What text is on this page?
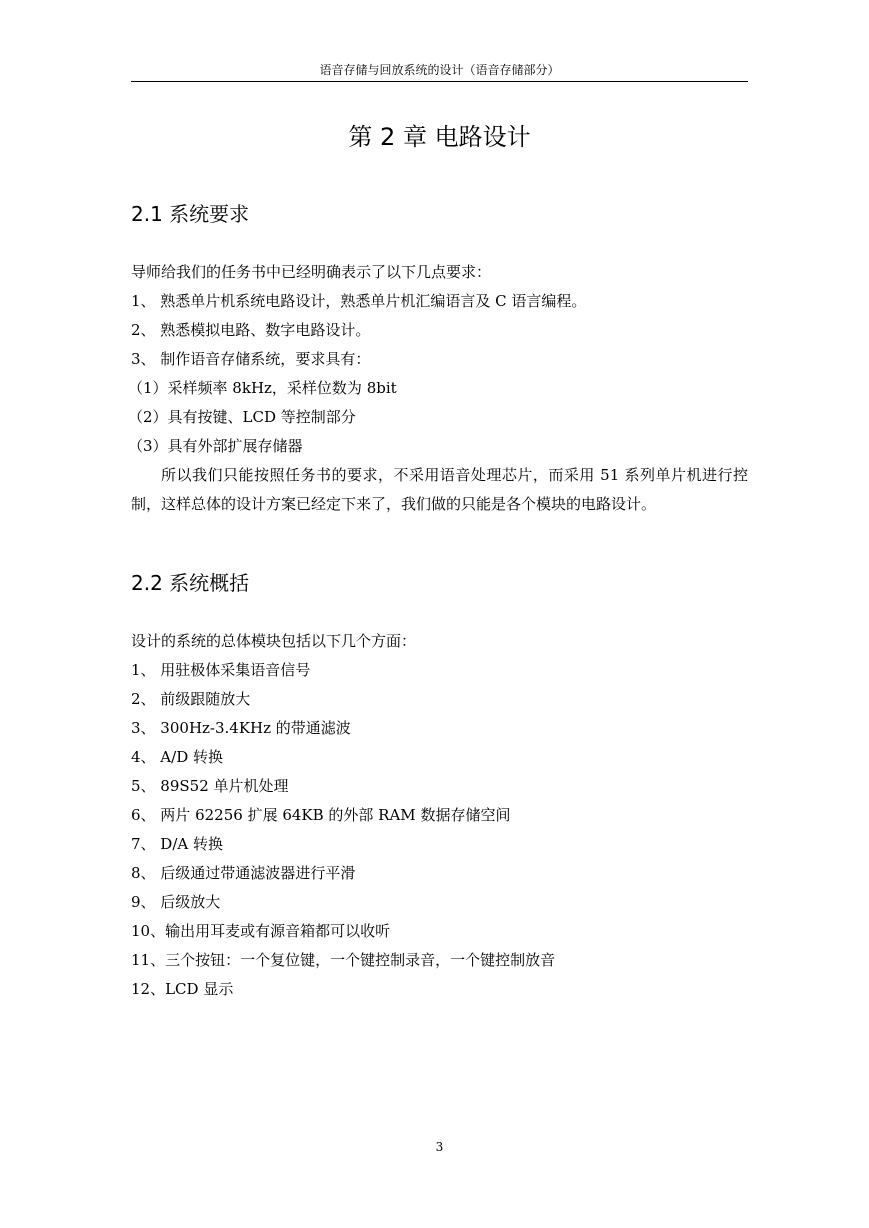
语音存储与回放系统的设计（语音存储部分）
第 2 章 电路设计
2.1 系统要求
导师给我们的任务书中已经明确表示了以下几点要求：
1、 熟悉单片机系统电路设计，熟悉单片机汇编语言及 C 语言编程。
2、 熟悉模拟电路、数字电路设计。
3、 制作语音存储系统，要求具有：
（1）采样频率 8kHz，采样位数为 8bit
（2）具有按键、LCD 等控制部分
（3）具有外部扩展存储器
所以我们只能按照任务书的要求，不采用语音处理芯片，而采用 51 系列单片机进行控制，这样总体的设计方案已经定下来了，我们做的只能是各个模块的电路设计。
2.2 系统概括
设计的系统的总体模块包括以下几个方面：
1、 用驻极体采集语音信号
2、 前级跟随放大
3、 300Hz-3.4KHz 的带通滤波
4、 A/D 转换
5、 89S52 单片机处理
6、 两片 62256 扩展 64KB 的外部 RAM 数据存储空间
7、 D/A 转换
8、 后级通过带通滤波器进行平滑
9、 后级放大
10、输出用耳麦或有源音箱都可以收听
11、三个按钮：一个复位键，一个键控制录音，一个键控制放音
12、LCD 显示
3
